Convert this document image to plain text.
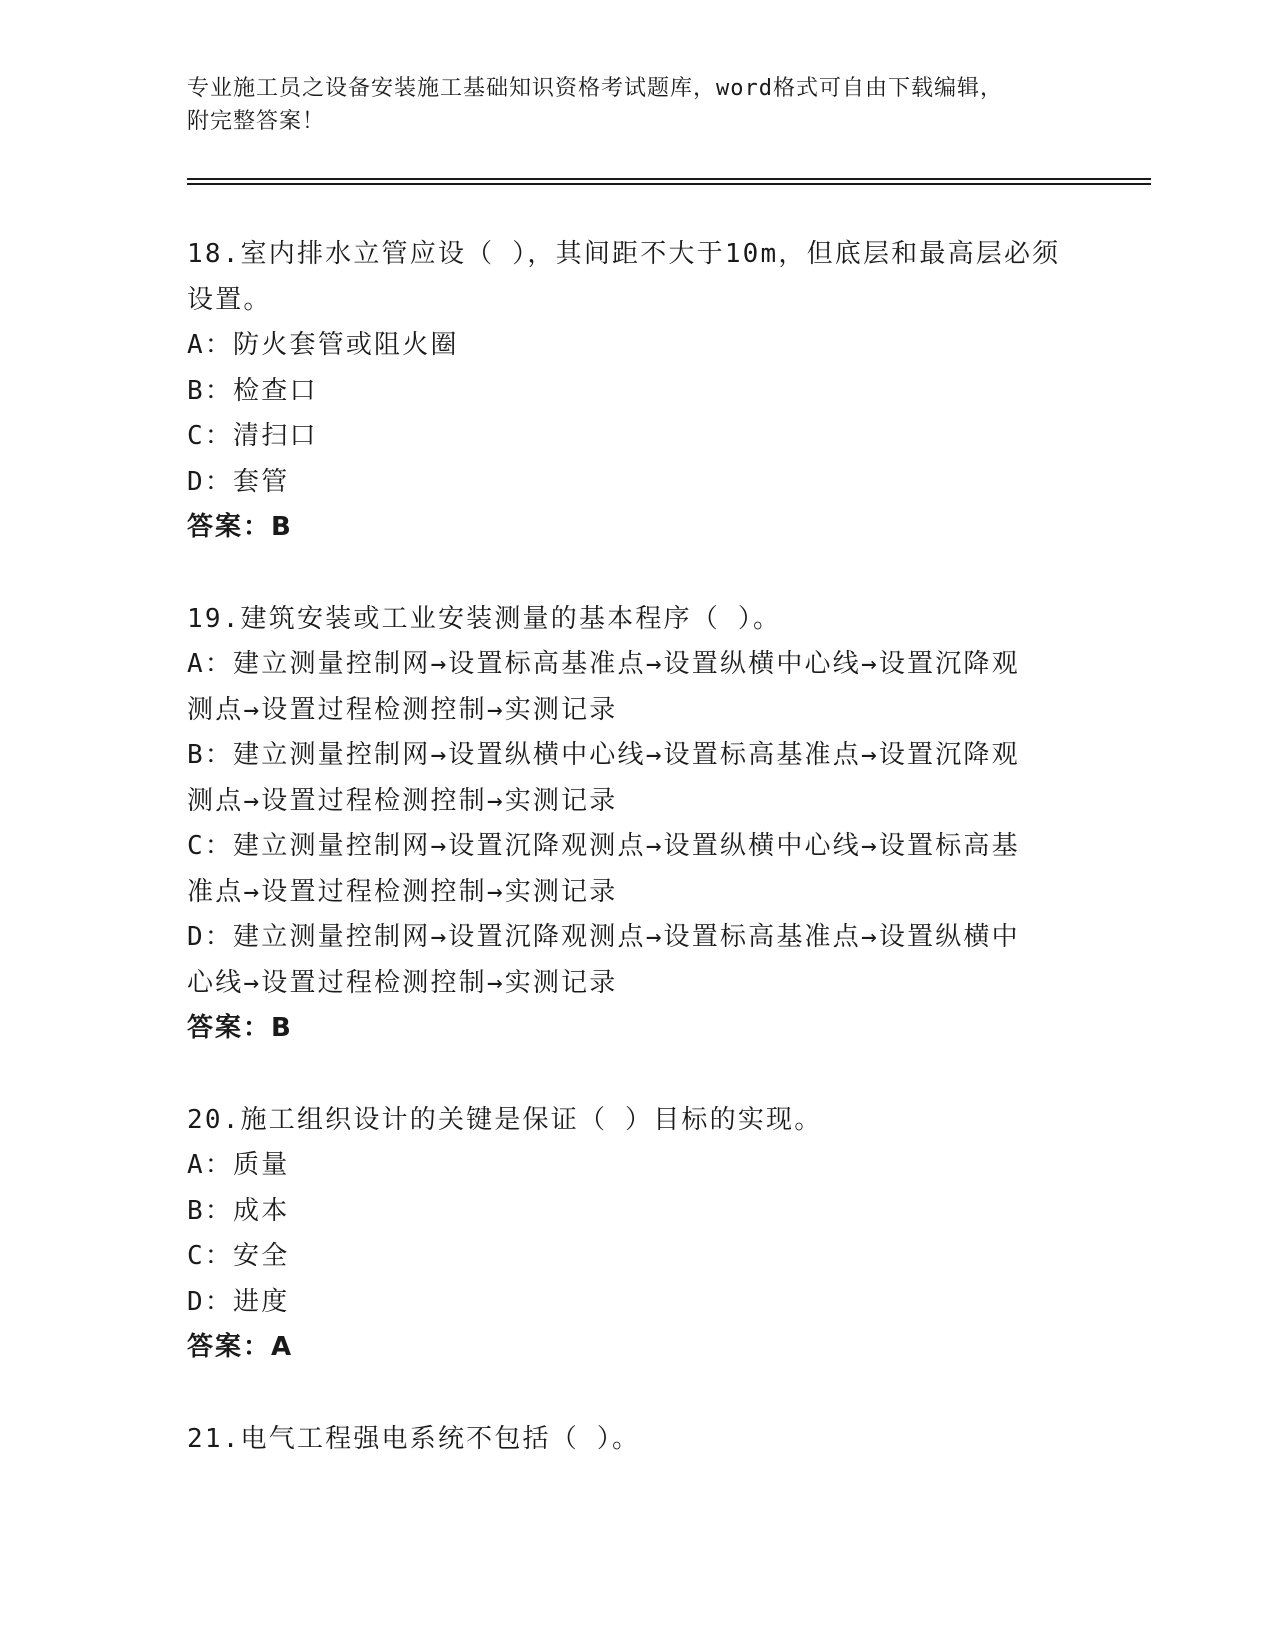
专业施工员之设备安装施工基础知识资格考试题库，word格式可自由下载编辑，
附完整答案！
18.室内排水立管应设（ ），其间距不大于10m，但底层和最高层必须
设置。
A：防火套管或阻火圈
B：检查口
C：清扫口
D：套管
答案：B
19.建筑安装或工业安装测量的基本程序（ ）。
A：建立测量控制网→设置标高基准点→设置纵横中心线→设置沉降观
测点→设置过程检测控制→实测记录
B：建立测量控制网→设置纵横中心线→设置标高基准点→设置沉降观
测点→设置过程检测控制→实测记录
C：建立测量控制网→设置沉降观测点→设置纵横中心线→设置标高基
准点→设置过程检测控制→实测记录
D：建立测量控制网→设置沉降观测点→设置标高基准点→设置纵横中
心线→设置过程检测控制→实测记录
答案：B
20.施工组织设计的关键是保证（ ）目标的实现。
A：质量
B：成本
C：安全
D：进度
答案：A
21.电气工程强电系统不包括（ ）。
